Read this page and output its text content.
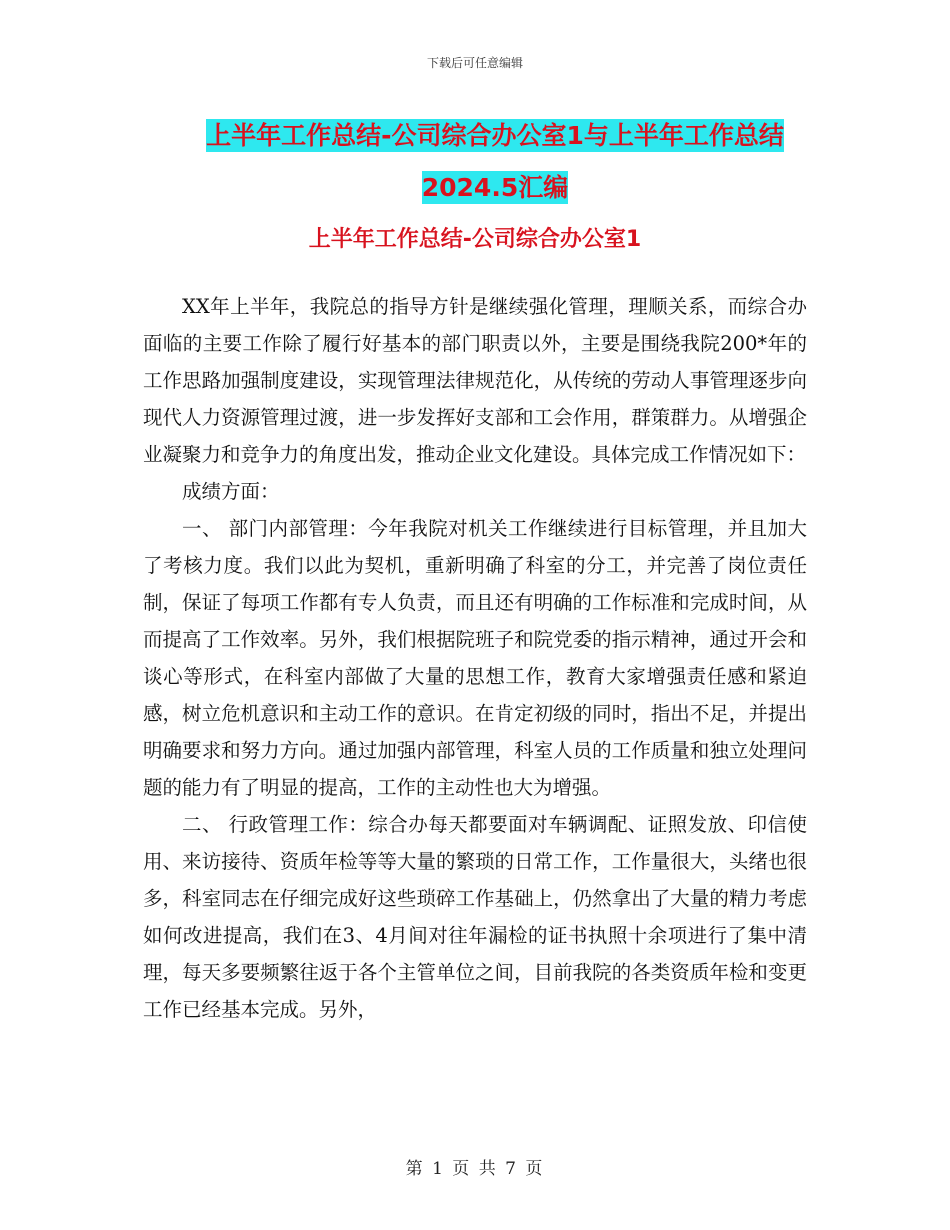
下载后可任意编辑
上半年工作总结-公司综合办公室1与上半年工作总结
2024.5汇编
上半年工作总结-公司综合办公室1

XX年上半年，我院总的指导方针是继续强化管理，理顺关系，而综合办面临的主要工作除了履行好基本的部门职责以外，主要是围绕我院200*年的工作思路加强制度建设，实现管理法律规范化，从传统的劳动人事管理逐步向现代人力资源管理过渡，进一步发挥好支部和工会作用，群策群力。从增强企业凝聚力和竞争力的角度出发，推动企业文化建设。具体完成工作情况如下：

成绩方面：

一、 部门内部管理：今年我院对机关工作继续进行目标管理，并且加大了考核力度。我们以此为契机，重新明确了科室的分工，并完善了岗位责任制，保证了每项工作都有专人负责，而且还有明确的工作标准和完成时间，从而提高了工作效率。另外，我们根据院班子和院党委的指示精神，通过开会和谈心等形式，在科室内部做了大量的思想工作，教育大家增强责任感和紧迫感，树立危机意识和主动工作的意识。在肯定初级的同时，指出不足，并提出明确要求和努力方向。通过加强内部管理，科室人员的工作质量和独立处理问题的能力有了明显的提高，工作的主动性也大为增强。

二、 行政管理工作：综合办每天都要面对车辆调配、证照发放、印信使用、来访接待、资质年检等等大量的繁琐的日常工作，工作量很大，头绪也很多，科室同志在仔细完成好这些琐碎工作基础上，仍然拿出了大量的精力考虑如何改进提高，我们在3、4月间对往年漏检的证书执照十余项进行了集中清理，每天多要频繁往返于各个主管单位之间，目前我院的各类资质年检和变更工作已经基本完成。另外，

第 1 页 共 7 页
